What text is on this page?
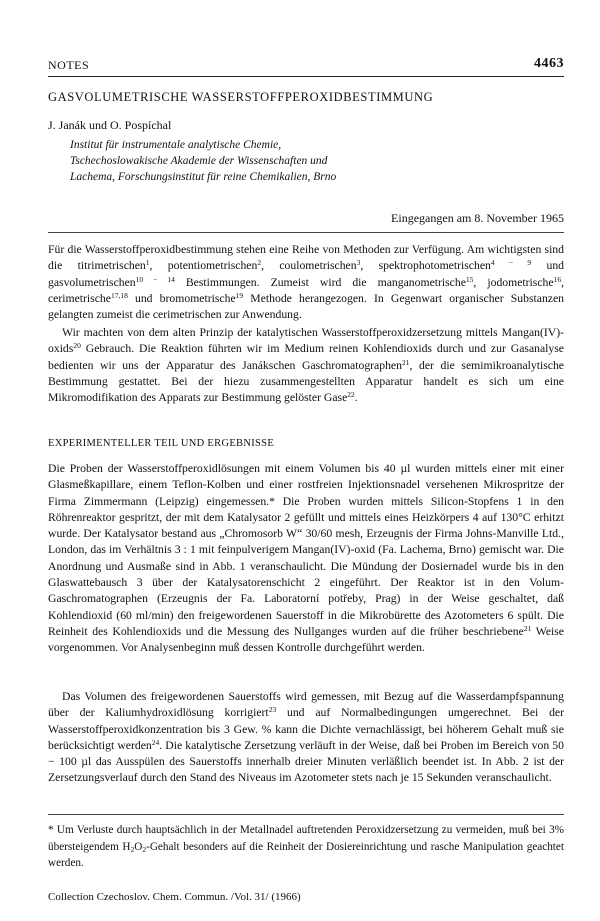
NOTES	4463
GASVOLUMETRISCHE WASSERSTOFFPEROXIDBESTIMMUNG
J. Janák und O. Pospíchal
Institut für instrumentale analytische Chemie,
Tschechoslowakische Akademie der Wissenschaften und
Lachema, Forschungsinstitut für reine Chemikalien, Brno
Eingegangen am 8. November 1965

Für die Wasserstoffperoxidbestimmung stehen eine Reihe von Methoden zur Verfügung. Am wichtigsten sind die titrimetrischen$^1$, potentiometrischen$^2$, coulometrischen$^3$, spektrophotometrischen$^{4 - 9}$ und gasvolumetrischen$^{10 - 14}$ Bestimmungen. Zumeist wird die manganometrische$^{15}$, jodometrische$^{16}$, cerimetrische$^{17,18}$ und bromometrische$^{19}$ Methode herangezogen. In Gegenwart organischer Substanzen gelangten zumeist die cerimetrischen zur Anwendung.

Wir machten von dem alten Prinzip der katalytischen Wasserstoffperoxidzersetzung mittels Mangan(IV)-oxids$^{20}$ Gebrauch. Die Reaktion führten wir im Medium reinen Kohlendioxids durch und zur Gasanalyse bedienten wir uns der Apparatur des Janákschen Gaschromatographen$^{21}$, der die semimikroanalytische Bestimmung gestattet. Bei der hiezu zusammengestellten Apparatur handelt es sich um eine Mikromodifikation des Apparats zur Bestimmung gelöster Gase$^{22}$.

EXPERIMENTELLER TEIL UND ERGEBNISSE

Die Proben der Wasserstoffperoxidlösungen mit einem Volumen bis 40 µl wurden mittels einer mit einer Glasmeßkapillare, einem Teflon-Kolben und einer rostfreien Injektionsnadel versehenen Mikrospritze der Firma Zimmermann (Leipzig) eingemessen.* Die Proben wurden mittels Silicon-Stopfens 1 in den Röhrenreaktor gespritzt, der mit dem Katalysator 2 gefüllt und mittels eines Heizkörpers 4 auf 130°C erhitzt wurde. Der Katalysator bestand aus „Chromosorb W“ 30/60 mesh, Erzeugnis der Firma Johns-Manville Ltd., London, das im Verhältnis 3 : 1 mit feinpulverigem Mangan(IV)-oxid (Fa. Lachema, Brno) gemischt war. Die Anordnung und Ausmaße sind in Abb. 1 veranschaulicht. Die Mündung der Dosiernadel wurde bis in den Glaswattebausch 3 über der Katalysatorenschicht 2 eingeführt. Der Reaktor ist in den Volum-Gaschromatographen (Erzeugnis der Fa. Laboratorní potřeby, Prag) in der Weise geschaltet, daß Kohlendioxid (60 ml/min) den freigewordenen Sauerstoff in die Mikrobürette des Azotometers 6 spült. Die Reinheit des Kohlendioxids und die Messung des Nullganges wurden auf die früher beschriebene$^{21}$ Weise vorgenommen. Vor Analysenbeginn muß dessen Kontrolle durchgeführt werden.

Das Volumen des freigewordenen Sauerstoffs wird gemessen, mit Bezug auf die Wasserdampfspannung über der Kaliumhydroxidlösung korrigiert$^{23}$ und auf Normalbedingungen umgerechnet. Bei der Wasserstoffperoxidkonzentration bis 3 Gew. % kann die Dichte vernachlässigt, bei höherem Gehalt muß sie berücksichtigt werden$^{24}$. Die katalytische Zersetzung verläuft in der Weise, daß bei Proben im Bereich von 50 − 100 µl das Ausspülen des Sauerstoffs innerhalb dreier Minuten verläßlich beendet ist. In Abb. 2 ist der Zersetzungsverlauf durch den Stand des Niveaus im Azotometer stets nach je 15 Sekunden veranschaulicht.

* Um Verluste durch hauptsächlich in der Metallnadel auftretenden Peroxidzersetzung zu vermeiden, muß bei 3% übersteigendem $H_2O_2$-Gehalt besonders auf die Reinheit der Dosiereinrichtung und rasche Manipulation geachtet werden.

Collection Czechoslov. Chem. Commun. /Vol. 31/ (1966)
